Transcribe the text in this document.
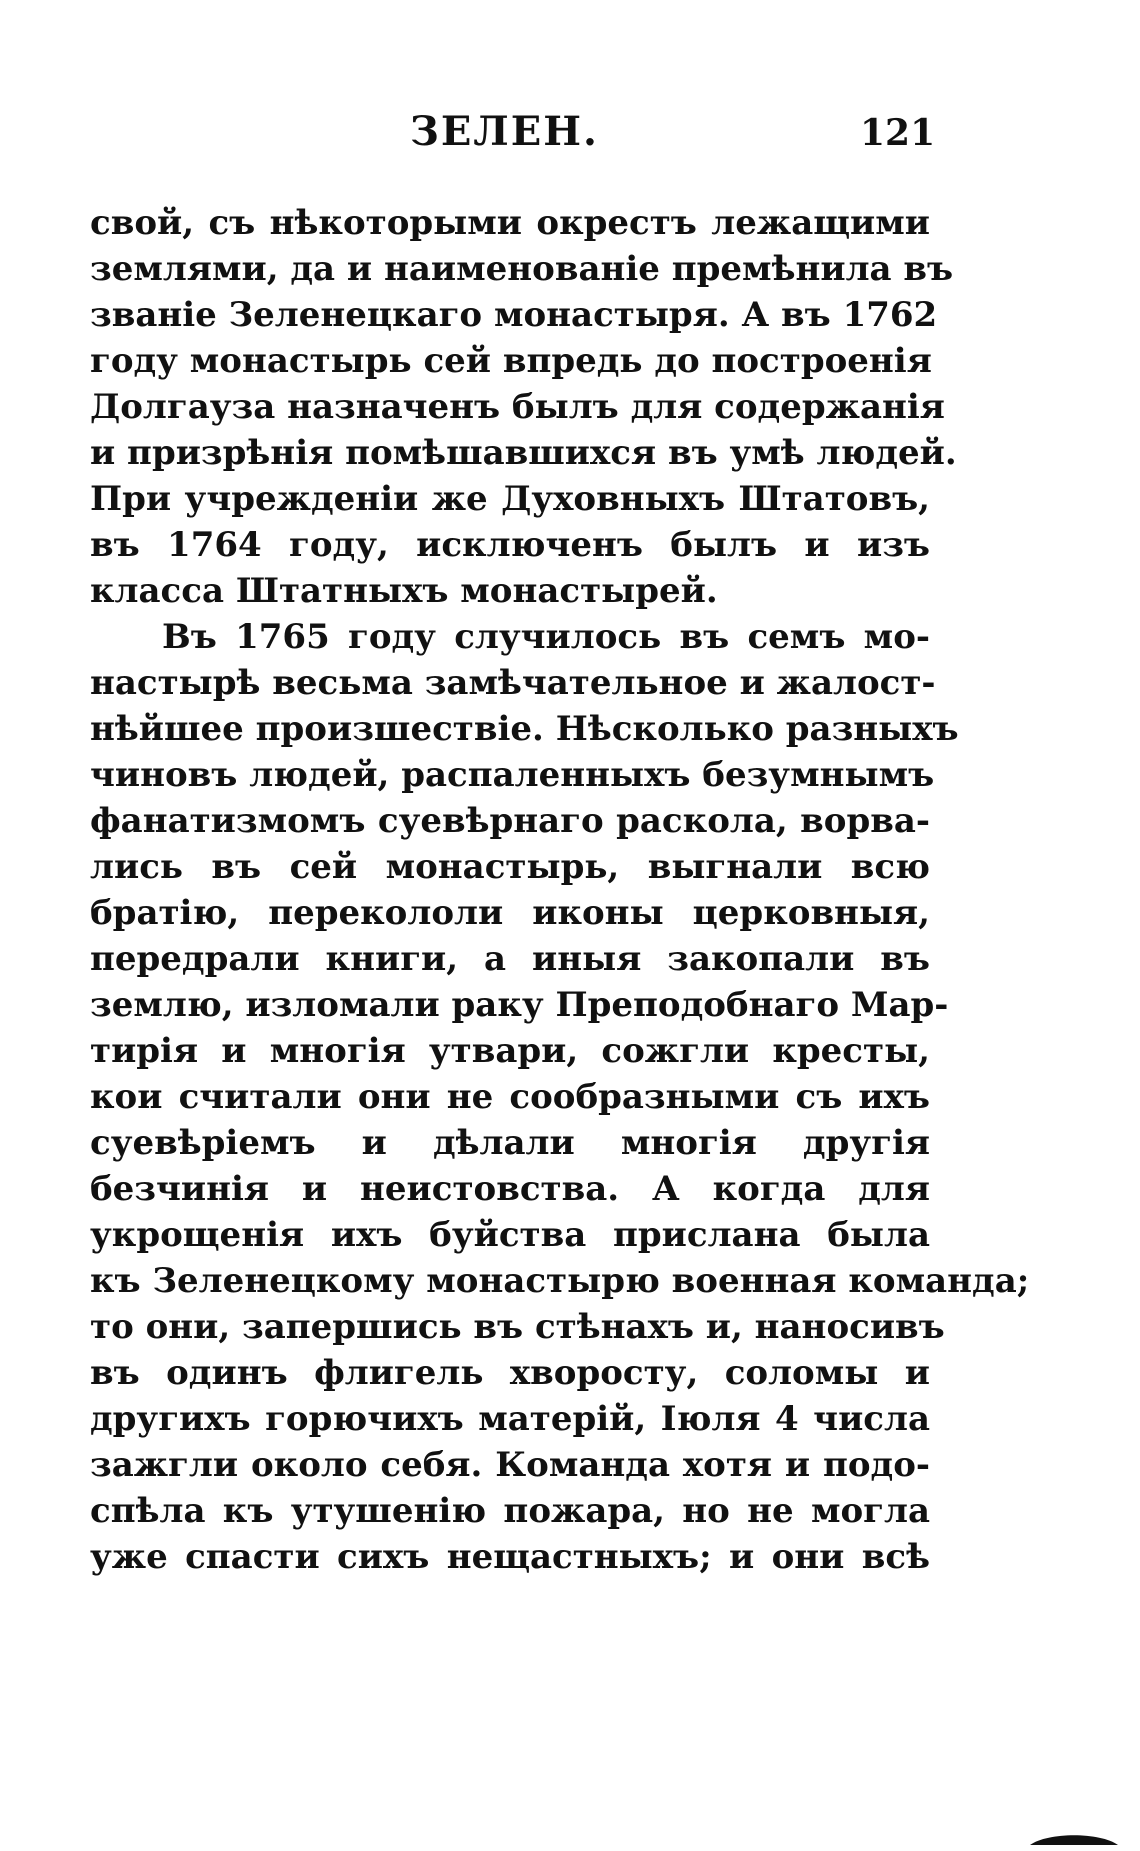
ЗЕЛЕН.	121
свой, съ нѣкоторыми окрестъ лежащими
землями, да и наименованіе премѣнила въ
званіе Зеленецкаго монастыря. А въ 1762
году монастырь сей впредь до построенія
Долгауза назначенъ былъ для содержанія
и призрѣнія помѣшавшихся въ умѣ людей.
При учрежденіи же Духовныхъ Штатовъ,
въ 1764 году, исключенъ былъ и изъ
класса Штатныхъ монастырей.
Въ 1765 году случилось въ семъ мо-
настырѣ весьма замѣчательное и жалост-
нѣйшее произшествіе. Нѣсколько разныхъ
чиновъ людей, распаленныхъ безумнымъ
фанатизмомъ суевѣрнаго раскола, ворва-
лись въ сей монастырь, выгнали всю
братію, перекололи иконы церковныя,
передрали книги, а иныя закопали въ
землю, изломали раку Преподобнаго Мар-
тирія и многія утвари, сожгли кресты,
кои считали они не сообразными съ ихъ
суевѣріемъ и дѣлали многія другія
безчинія и неистовства. А когда для
укрощенія ихъ буйства прислана была
къ Зеленецкому монастырю военная команда;
то они, запершись въ стѣнахъ и, наносивъ
въ одинъ флигель хворосту, соломы и
другихъ горючихъ матерій, Іюля 4 числа
зажгли около себя. Команда хотя и подо-
спѣла къ утушенію пожара, но не могла
уже спасти сихъ нещастныхъ; и они всѣ
